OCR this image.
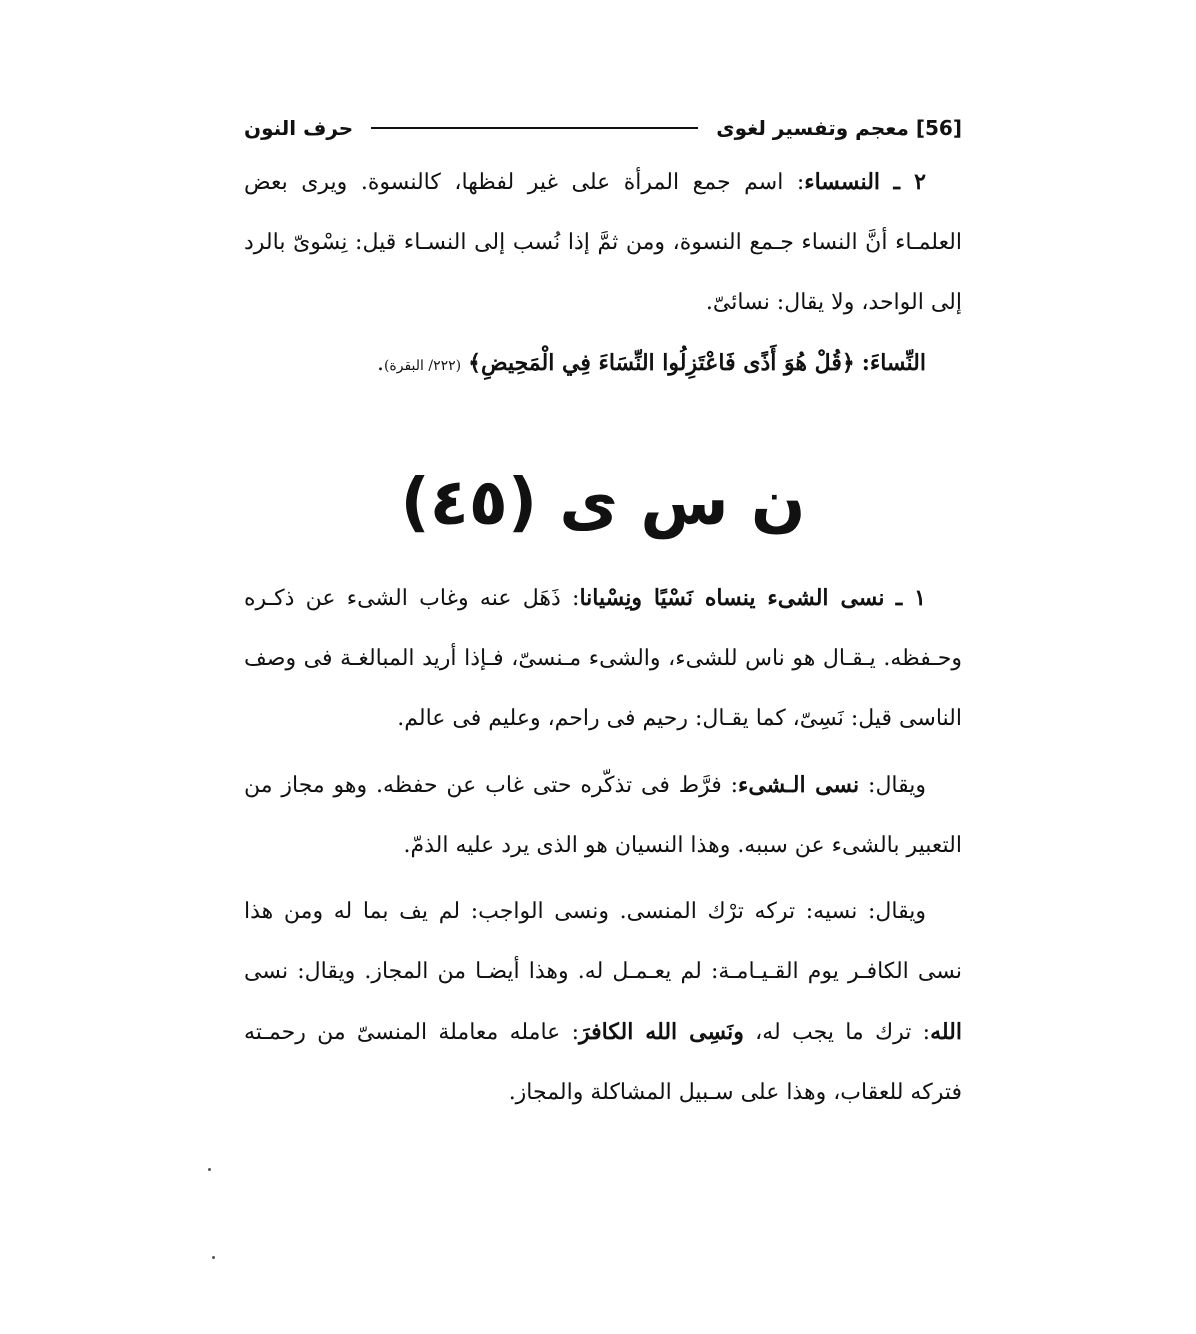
[56] معجم وتفسير لغوى
حرف النون

٢ ـ النسساء: اسم جمع المرأة على غير لفظها، كالنسوة. ويرى بعض العلمـاء أنَّ النساء جـمع النسوة، ومن ثمَّ إذا نُسب إلى النسـاء قيل: نِسْوىّ بالرد إلى الواحد، ولا يقال: نسائىّ.

النِّساءَ: ﴿قُلْ هُوَ أَذًى فَاعْتَزِلُوا النِّسَاءَ فِي الْمَحِيضِ﴾ (٢٢٢/ البقرة).

ن س ى (٤٥)

١ ـ نسى الشىء ينساه نَسْيًا ونِسْيانا: ذَهَل عنه وغاب الشىء عن ذكـره وحـفظه. يـقـال هو ناس للشىء، والشىء مـنسىّ، فـإذا أريد المبالغـة فى وصف الناسى قيل: نَسِىّ، كما يقـال: رحيم فى راحم، وعليم فى عالم.

ويقال: نسى الـشىء: فرَّط فى تذكّره حتى غاب عن حفظه. وهو مجاز من التعبير بالشىء عن سببه. وهذا النسيان هو الذى يرد عليه الذمّ.

ويقال: نسيه: تركه ترْك المنسى. ونسى الواجب: لم يف بما له ومن هذا نسى الكافـر يوم القـيـامـة: لم يعـمـل له. وهذا أيضـا من المجاز. ويقال: نسى الله: ترك ما يجب له، ونَسِى الله الكافرَ: عامله معاملة المنسىّ من رحمـته فتركه للعقاب، وهذا على سـبيل المشاكلة والمجاز.
